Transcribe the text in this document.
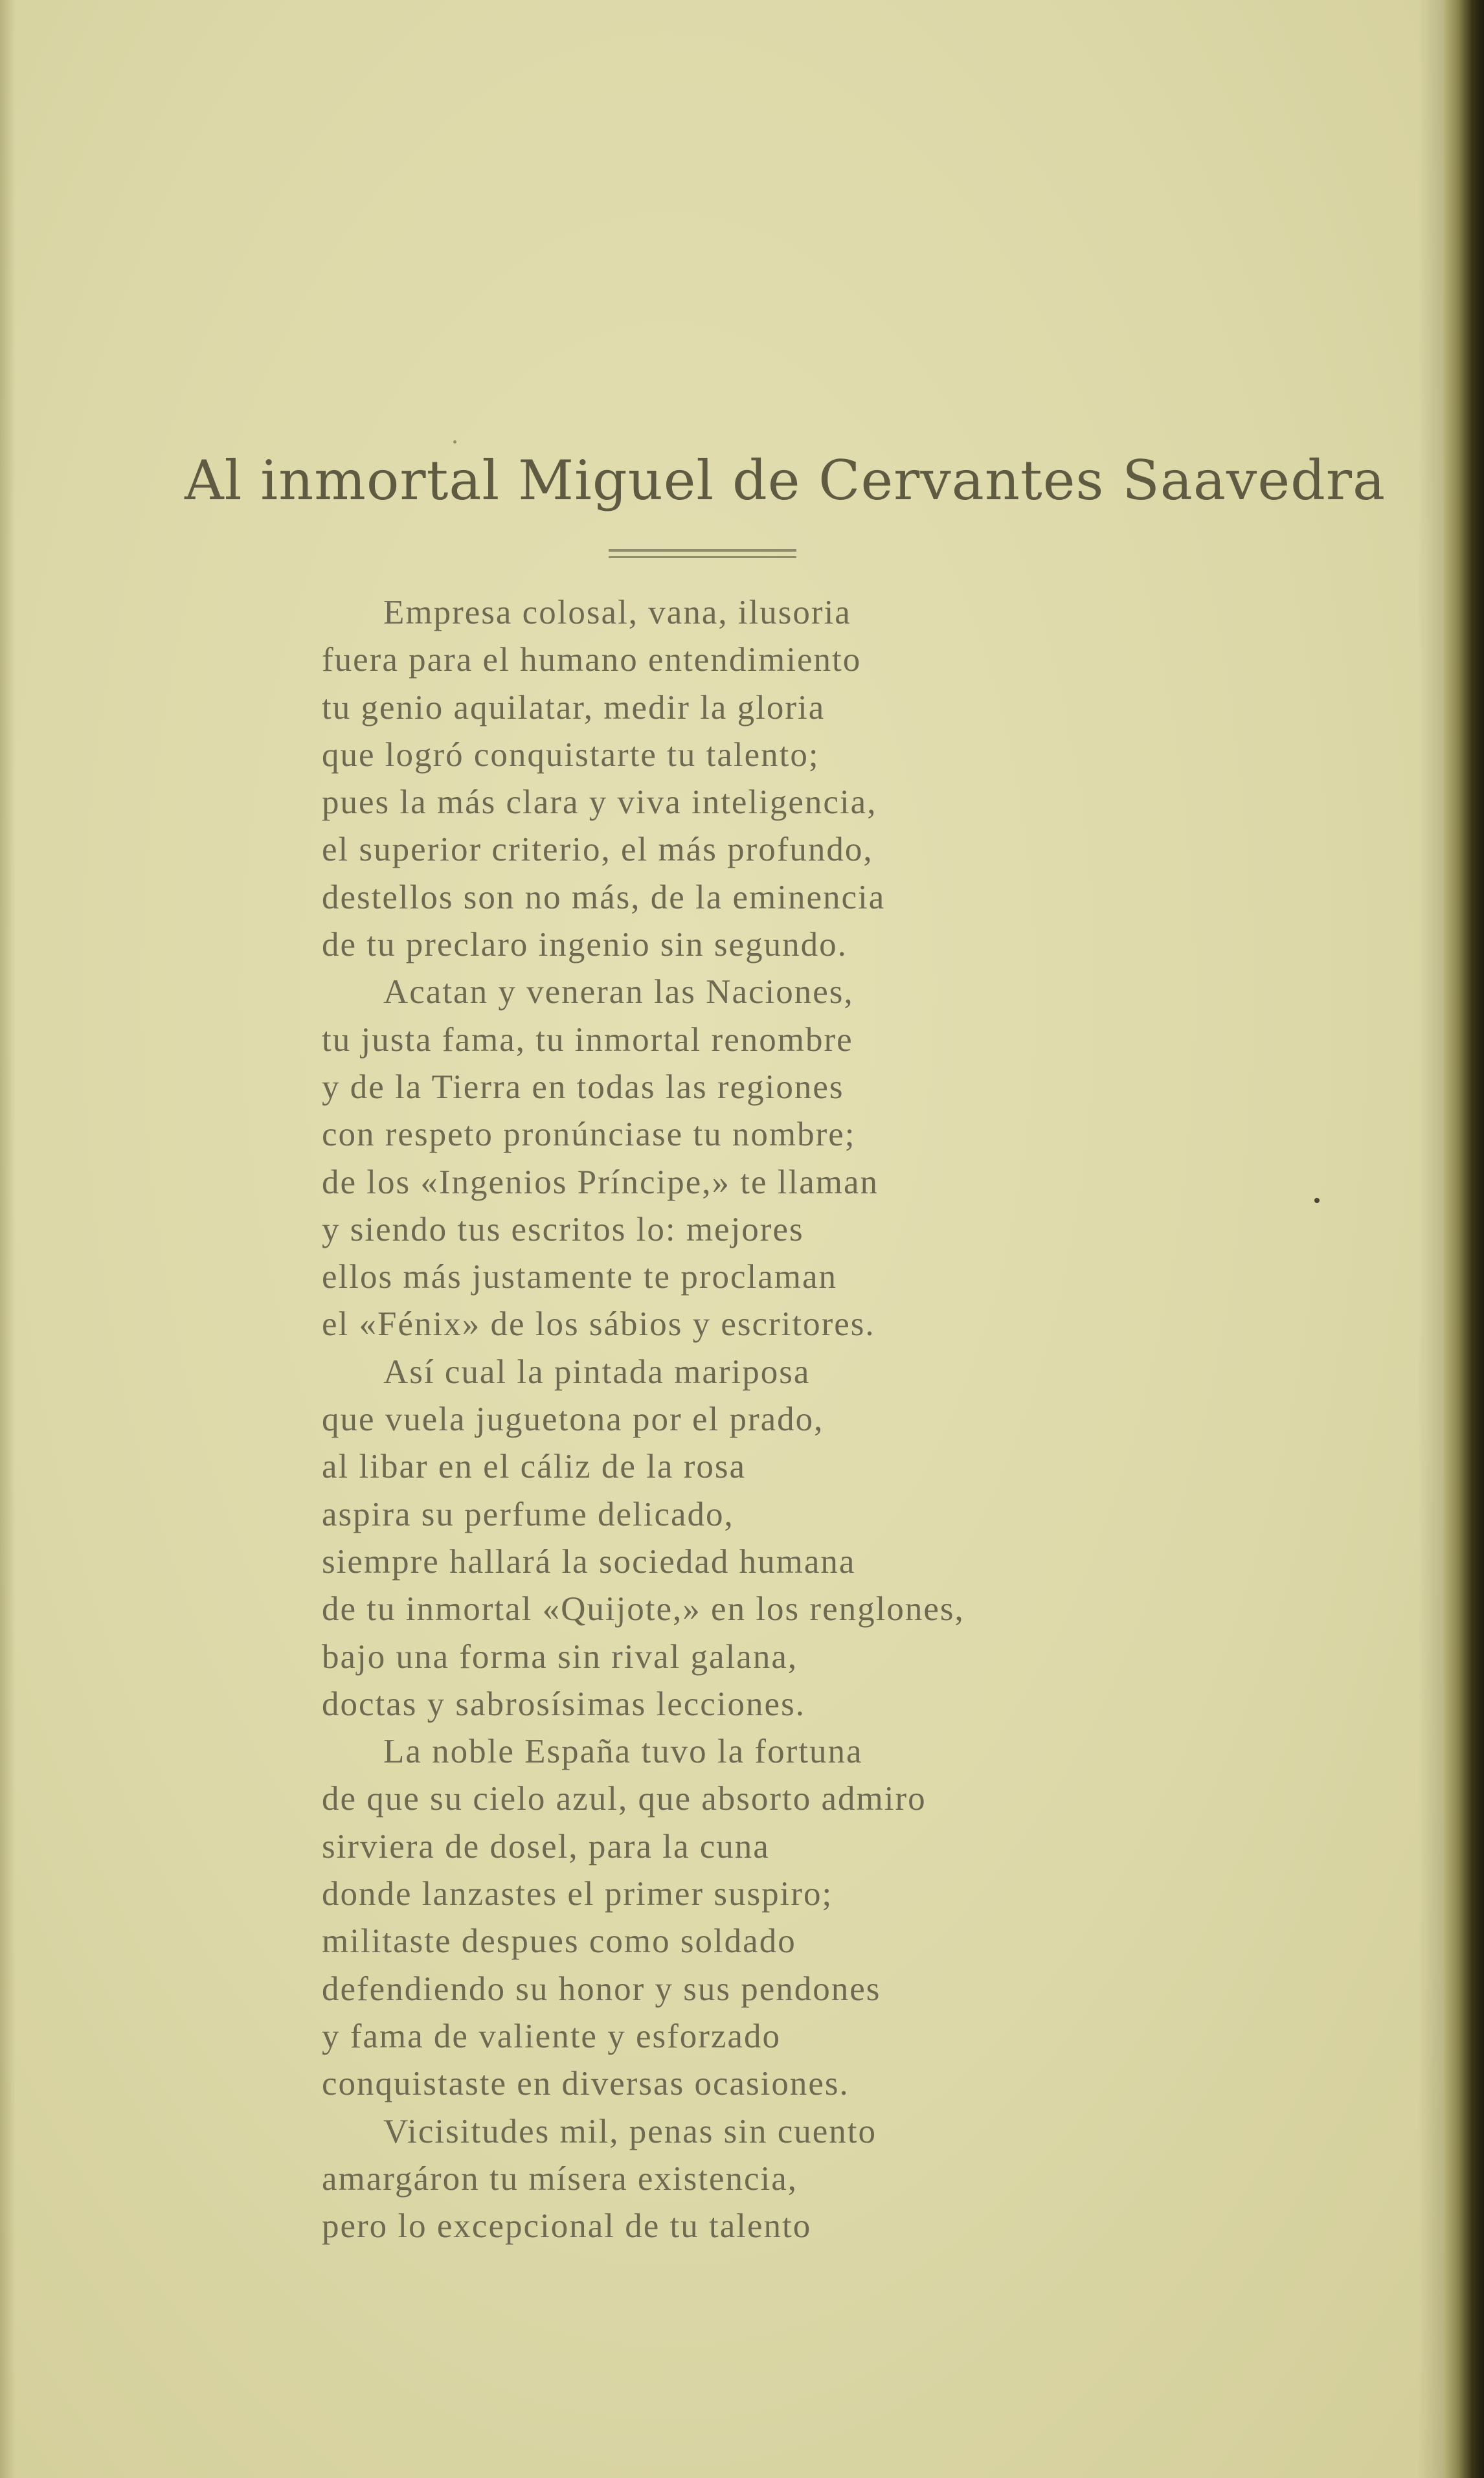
Al inmortal Miguel de Cervantes Saavedra
Empresa colosal, vana, ilusoria
fuera para el humano entendimiento
tu genio aquilatar, medir la gloria
que logró conquistarte tu talento;
pues la más clara y viva inteligencia,
el superior criterio, el más profundo,
destellos son no más, de la eminencia
de tu preclaro ingenio sin segundo.
Acatan y veneran las Naciones,
tu justa fama, tu inmortal renombre
y de la Tierra en todas las regiones
con respeto pronúnciase tu nombre;
de los «Ingenios Príncipe,» te llaman
y siendo tus escritos lo: mejores
ellos más justamente te proclaman
el «Fénix» de los sábios y escritores.
Así cual la pintada mariposa
que vuela juguetona por el prado,
al libar en el cáliz de la rosa
aspira su perfume delicado,
siempre hallará la sociedad humana
de tu inmortal «Quijote,» en los renglones,
bajo una forma sin rival galana,
doctas y sabrosísimas lecciones.
La noble España tuvo la fortuna
de que su cielo azul, que absorto admiro
sirviera de dosel, para la cuna
donde lanzastes el primer suspiro;
militaste despues como soldado
defendiendo su honor y sus pendones
y fama de valiente y esforzado
conquistaste en diversas ocasiones.
Vicisitudes mil, penas sin cuento
amargáron tu mísera existencia,
pero lo excepcional de tu talento
